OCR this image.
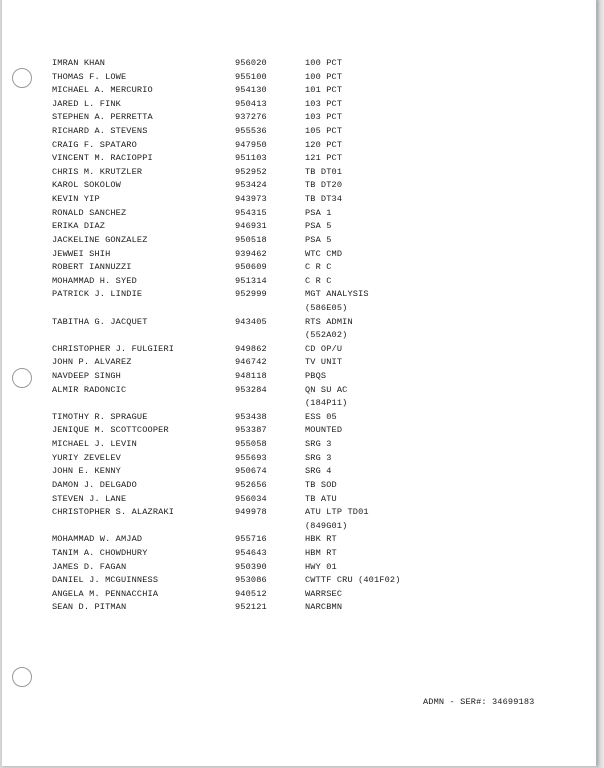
IMRAN KHAN	956020	100 PCT
THOMAS F. LOWE	955100	100 PCT
MICHAEL A. MERCURIO	954130	101 PCT
JARED L. FINK	950413	103 PCT
STEPHEN A. PERRETTA	937276	103 PCT
RICHARD A. STEVENS	955536	105 PCT
CRAIG F. SPATARO	947950	120 PCT
VINCENT M. RACIOPPI	951103	121 PCT
CHRIS M. KRUTZLER	952952	TB DT01
KAROL SOKOLOW	953424	TB DT20
KEVIN YIP	943973	TB DT34
RONALD SANCHEZ	954315	PSA 1
ERIKA DIAZ	946931	PSA 5
JACKELINE GONZALEZ	950518	PSA 5
JEWWEI SHIH	939462	WTC CMD
ROBERT IANNUZZI	950609	C R C
MOHAMMAD H. SYED	951314	C R C
PATRICK J. LINDIE	952999	MGT ANALYSIS
(586E05)
TABITHA G. JACQUET	943405	RTS ADMIN
(552A02)
CHRISTOPHER J. FULGIERI	949862	CD OP/U
JOHN P. ALVAREZ	946742	TV UNIT
NAVDEEP SINGH	948118	PBQS
ALMIR RADONCIC	953284	QN SU AC
(184P11)
TIMOTHY R. SPRAGUE	953438	ESS 05
JENIQUE M. SCOTTCOOPER	953387	MOUNTED
MICHAEL J. LEVIN	955058	SRG 3
YURIY ZEVELEV	955693	SRG 3
JOHN E. KENNY	950674	SRG 4
DAMON J. DELGADO	952656	TB SOD
STEVEN J. LANE	956034	TB ATU
CHRISTOPHER S. ALAZRAKI	949978	ATU LTP TD01
(849G01)
MOHAMMAD W. AMJAD	955716	HBK RT
TANIM A. CHOWDHURY	954643	HBM RT
JAMES D. FAGAN	950390	HWY 01
DANIEL J. MCGUINNESS	953086	CWTTF CRU (401F02)
ANGELA M. PENNACCHIA	940512	WARRSEC
SEAN D. PITMAN	952121	NARCBMN
ADMN - SER#: 34699183
